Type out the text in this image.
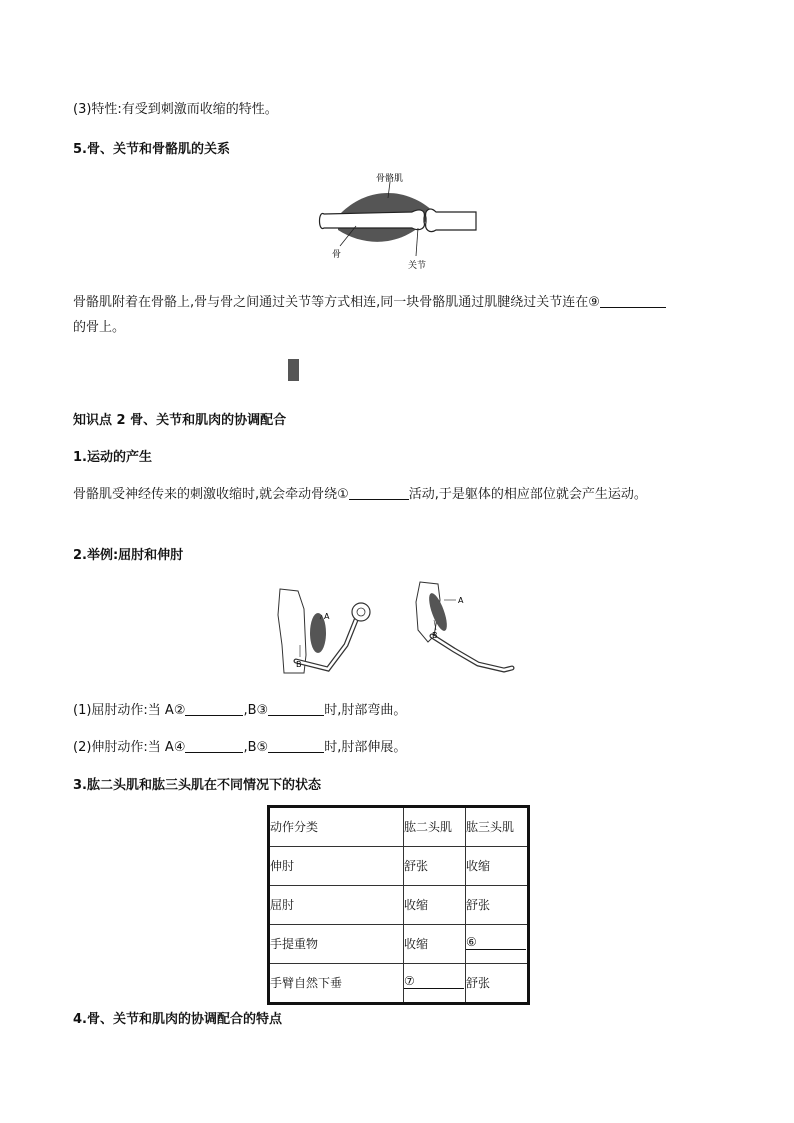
(3)特性:有受到刺激而收缩的特性。
5.骨、关节和骨骼肌的关系
骨骼肌
骨
关节
骨骼肌附着在骨骼上,骨与骨之间通过关节等方式相连,同一块骨骼肌通过肌腱绕过关节连在⑨
的骨上。
知识点 2 骨、关节和肌肉的协调配合
1.运动的产生
骨骼肌受神经传来的刺激收缩时,就会牵动骨绕①	活动,于是躯体的相应部位就会产生运动。
2.举例:屈肘和伸肘
A
B
A
B
(1)屈肘动作:当 A②	,B③	时,肘部弯曲。
(2)伸肘动作:当 A④	,B⑤	时,肘部伸展。
3.肱二头肌和肱三头肌在不同情况下的状态
动作分类	肱二头肌	肱三头肌
伸肘	舒张	收缩
屈肘	收缩	舒张
手提重物	收缩	⑥
手臂自然下垂	⑦	舒张
4.骨、关节和肌肉的协调配合的特点
